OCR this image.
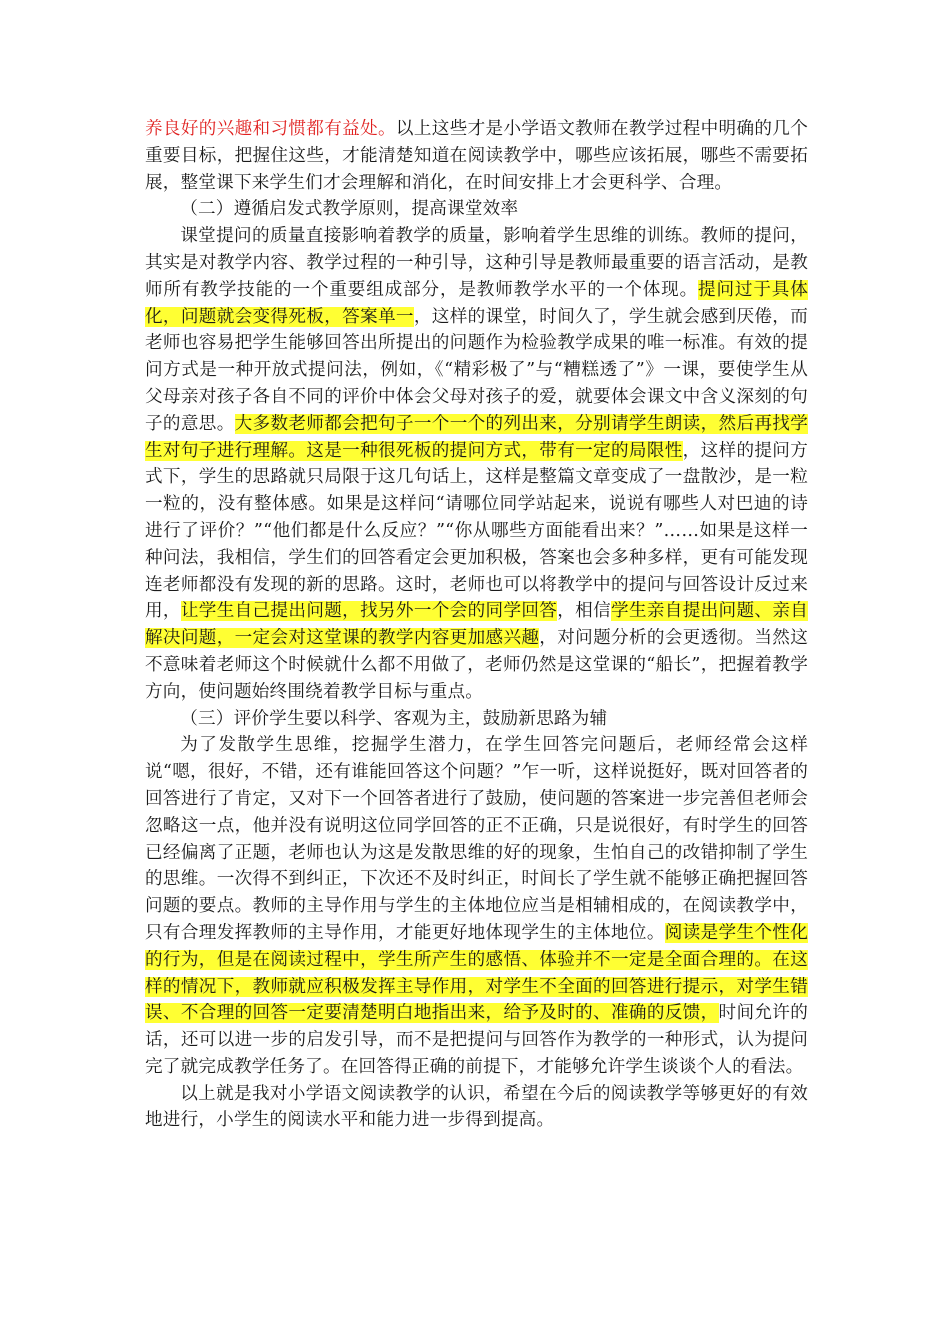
养良好的兴趣和习惯都有益处。以上这些才是小学语文教师在教学过程中明确的几个重要目标，把握住这些，才能清楚知道在阅读教学中，哪些应该拓展，哪些不需要拓展，整堂课下来学生们才会理解和消化，在时间安排上才会更科学、合理。

（二）遵循启发式教学原则，提高课堂效率

课堂提问的质量直接影响着教学的质量，影响着学生思维的训练。教师的提问，其实是对教学内容、教学过程的一种引导，这种引导是教师最重要的语言活动，是教师所有教学技能的一个重要组成部分，是教师教学水平的一个体现。提问过于具体化，问题就会变得死板，答案单一，这样的课堂，时间久了，学生就会感到厌倦，而老师也容易把学生能够回答出所提出的问题作为检验教学成果的唯一标准。有效的提问方式是一种开放式提问法，例如，《“精彩极了”与“糟糕透了”》一课，要使学生从父母亲对孩子各自不同的评价中体会父母对孩子的爱，就要体会课文中含义深刻的句子的意思。大多数老师都会把句子一个一个的列出来，分别请学生朗读，然后再找学生对句子进行理解。这是一种很死板的提问方式，带有一定的局限性，这样的提问方式下，学生的思路就只局限于这几句话上，这样是整篇文章变成了一盘散沙，是一粒一粒的，没有整体感。如果是这样问“请哪位同学站起来，说说有哪些人对巴迪的诗进行了评价？”“他们都是什么反应？”“你从哪些方面能看出来？”……如果是这样一种问法，我相信，学生们的回答看定会更加积极，答案也会多种多样，更有可能发现连老师都没有发现的新的思路。这时，老师也可以将教学中的提问与回答设计反过来用，让学生自己提出问题，找另外一个会的同学回答，相信学生亲自提出问题、亲自解决问题，一定会对这堂课的教学内容更加感兴趣，对问题分析的会更透彻。当然这不意味着老师这个时候就什么都不用做了，老师仍然是这堂课的“船长”，把握着教学方向，使问题始终围绕着教学目标与重点。

（三）评价学生要以科学、客观为主，鼓励新思路为辅

为了发散学生思维，挖掘学生潜力，在学生回答完问题后，老师经常会这样说“嗯，很好，不错，还有谁能回答这个问题？”乍一听，这样说挺好，既对回答者的回答进行了肯定，又对下一个回答者进行了鼓励，使问题的答案进一步完善但老师会忽略这一点，他并没有说明这位同学回答的正不正确，只是说很好，有时学生的回答已经偏离了正题，老师也认为这是发散思维的好的现象，生怕自己的改错抑制了学生的思维。一次得不到纠正，下次还不及时纠正，时间长了学生就不能够正确把握回答问题的要点。教师的主导作用与学生的主体地位应当是相辅相成的，在阅读教学中，只有合理发挥教师的主导作用，才能更好地体现学生的主体地位。阅读是学生个性化的行为，但是在阅读过程中，学生所产生的感悟、体验并不一定是全面合理的。在这样的情况下，教师就应积极发挥主导作用，对学生不全面的回答进行提示，对学生错误、不合理的回答一定要清楚明白地指出来，给予及时的、准确的反馈，时间允许的话，还可以进一步的启发引导，而不是把提问与回答作为教学的一种形式，认为提问完了就完成教学任务了。在回答得正确的前提下，才能够允许学生谈谈个人的看法。

以上就是我对小学语文阅读教学的认识，希望在今后的阅读教学等够更好的有效地进行，小学生的阅读水平和能力进一步得到提高。
